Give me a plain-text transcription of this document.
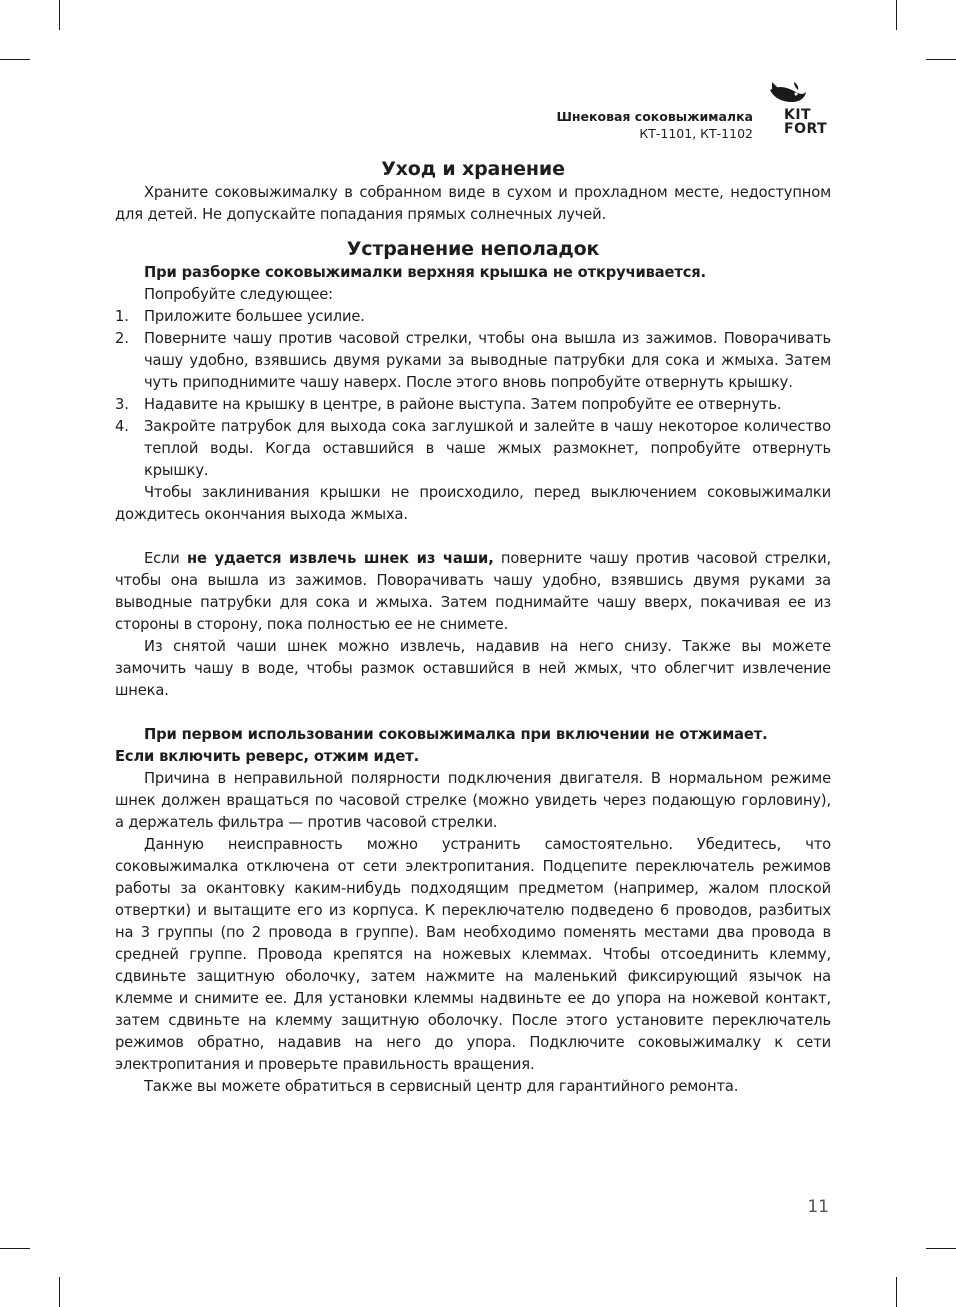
Шнековая соковыжималка
КТ-1101, КТ-1102
KIT
FORT
Уход и хранение

Храните соковыжималку в собранном виде в сухом и прохладном месте, недоступном для детей. Не допускайте попадания прямых солнечных лучей.

Устранение неполадок

При разборке соковыжималки верхняя крышка не откручивается.

Попробуйте следующее:

1. Приложите большее усилие.
2. Поверните чашу против часовой стрелки, чтобы она вышла из зажимов. Поворачивать чашу удобно, взявшись двумя руками за выводные патрубки для сока и жмыха. Затем чуть приподнимите чашу наверх. После этого вновь попробуйте отвернуть крышку.
3. Надавите на крышку в центре, в районе выступа. Затем попробуйте ее отвернуть.
4. Закройте патрубок для выхода сока заглушкой и залейте в чашу некоторое количество теплой воды. Когда оставшийся в чаше жмых размокнет, попробуйте отвернуть крышку.

Чтобы заклинивания крышки не происходило, перед выключением соковыжималки дождитесь окончания выхода жмыха.

Если не удается извлечь шнек из чаши, поверните чашу против часовой стрелки, чтобы она вышла из зажимов. Поворачивать чашу удобно, взявшись двумя руками за выводные патрубки для сока и жмыха. Затем поднимайте чашу вверх, покачивая ее из стороны в сторону, пока полностью ее не снимете.

Из снятой чаши шнек можно извлечь, надавив на него снизу. Также вы можете замочить чашу в воде, чтобы размок оставшийся в ней жмых, что облегчит извлечение шнека.

При первом использовании соковыжималка при включении не отжимает.

Если включить реверс, отжим идет.

Причина в неправильной полярности подключения двигателя. В нормальном режиме шнек должен вращаться по часовой стрелке (можно увидеть через подающую горловину), а держатель фильтра — против часовой стрелки.

Данную неисправность можно устранить самостоятельно. Убедитесь, что соковыжималка отключена от сети электропитания. Подцепите переключатель режимов работы за окантовку каким-нибудь подходящим предметом (например, жалом плоской отвертки) и вытащите его из корпуса. К переключателю подведено 6 проводов, разбитых на 3 группы (по 2 провода в группе). Вам необходимо поменять местами два провода в средней группе. Провода крепятся на ножевых клеммах. Чтобы отсоединить клемму, сдвиньте защитную оболочку, затем нажмите на маленький фиксирующий язычок на клемме и снимите ее. Для установки клеммы надвиньте ее до упора на ножевой контакт, затем сдвиньте на клемму защитную оболочку. После этого установите переключатель режимов обратно, надавив на него до упора. Подключите соковыжималку к сети электропитания и проверьте правильность вращения.

Также вы можете обратиться в сервисный центр для гарантийного ремонта.

11
